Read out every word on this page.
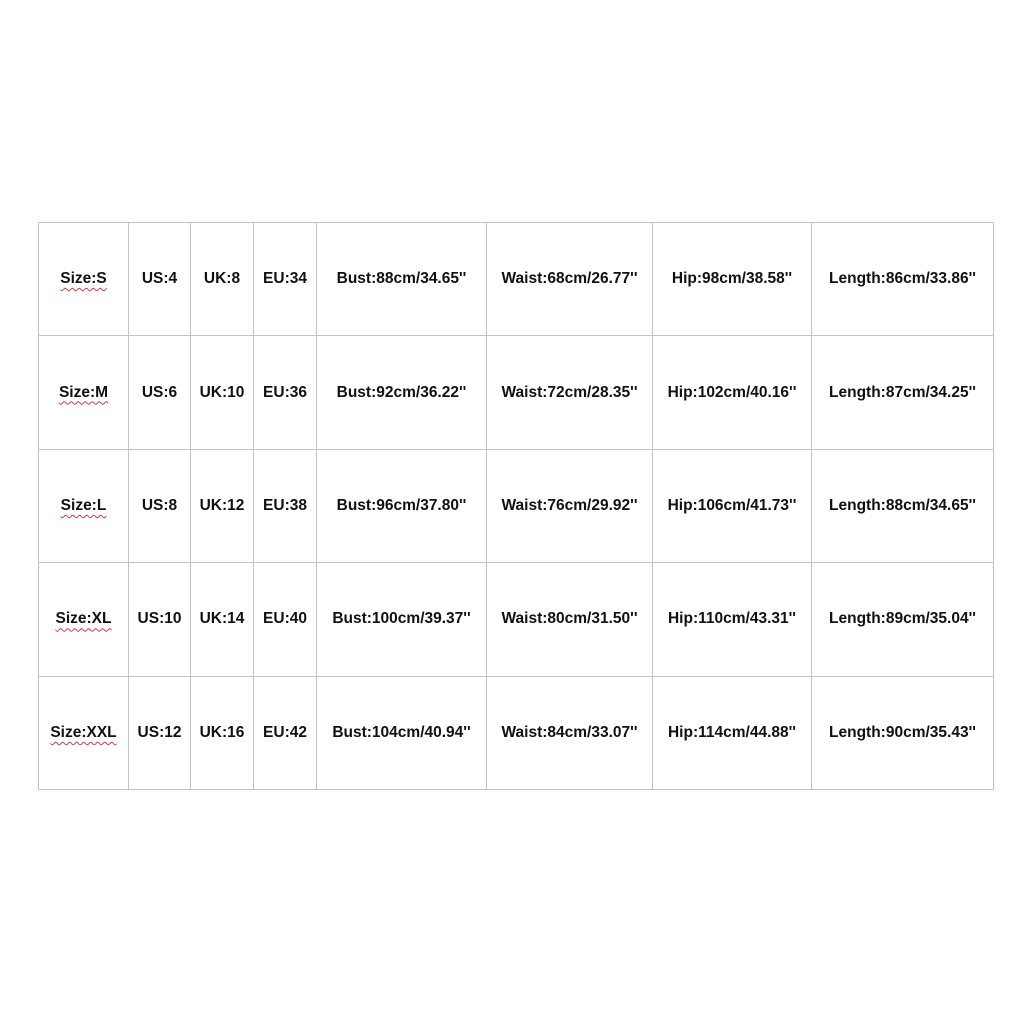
Size:S	US:4	UK:8	EU:34	Bust:88cm/34.65''	Waist:68cm/26.77''	Hip:98cm/38.58''	Length:86cm/33.86''
Size:M	US:6	UK:10	EU:36	Bust:92cm/36.22''	Waist:72cm/28.35''	Hip:102cm/40.16''	Length:87cm/34.25''
Size:L	US:8	UK:12	EU:38	Bust:96cm/37.80''	Waist:76cm/29.92''	Hip:106cm/41.73''	Length:88cm/34.65''
Size:XL	US:10	UK:14	EU:40	Bust:100cm/39.37''	Waist:80cm/31.50''	Hip:110cm/43.31''	Length:89cm/35.04''
Size:XXL	US:12	UK:16	EU:42	Bust:104cm/40.94''	Waist:84cm/33.07''	Hip:114cm/44.88''	Length:90cm/35.43''
